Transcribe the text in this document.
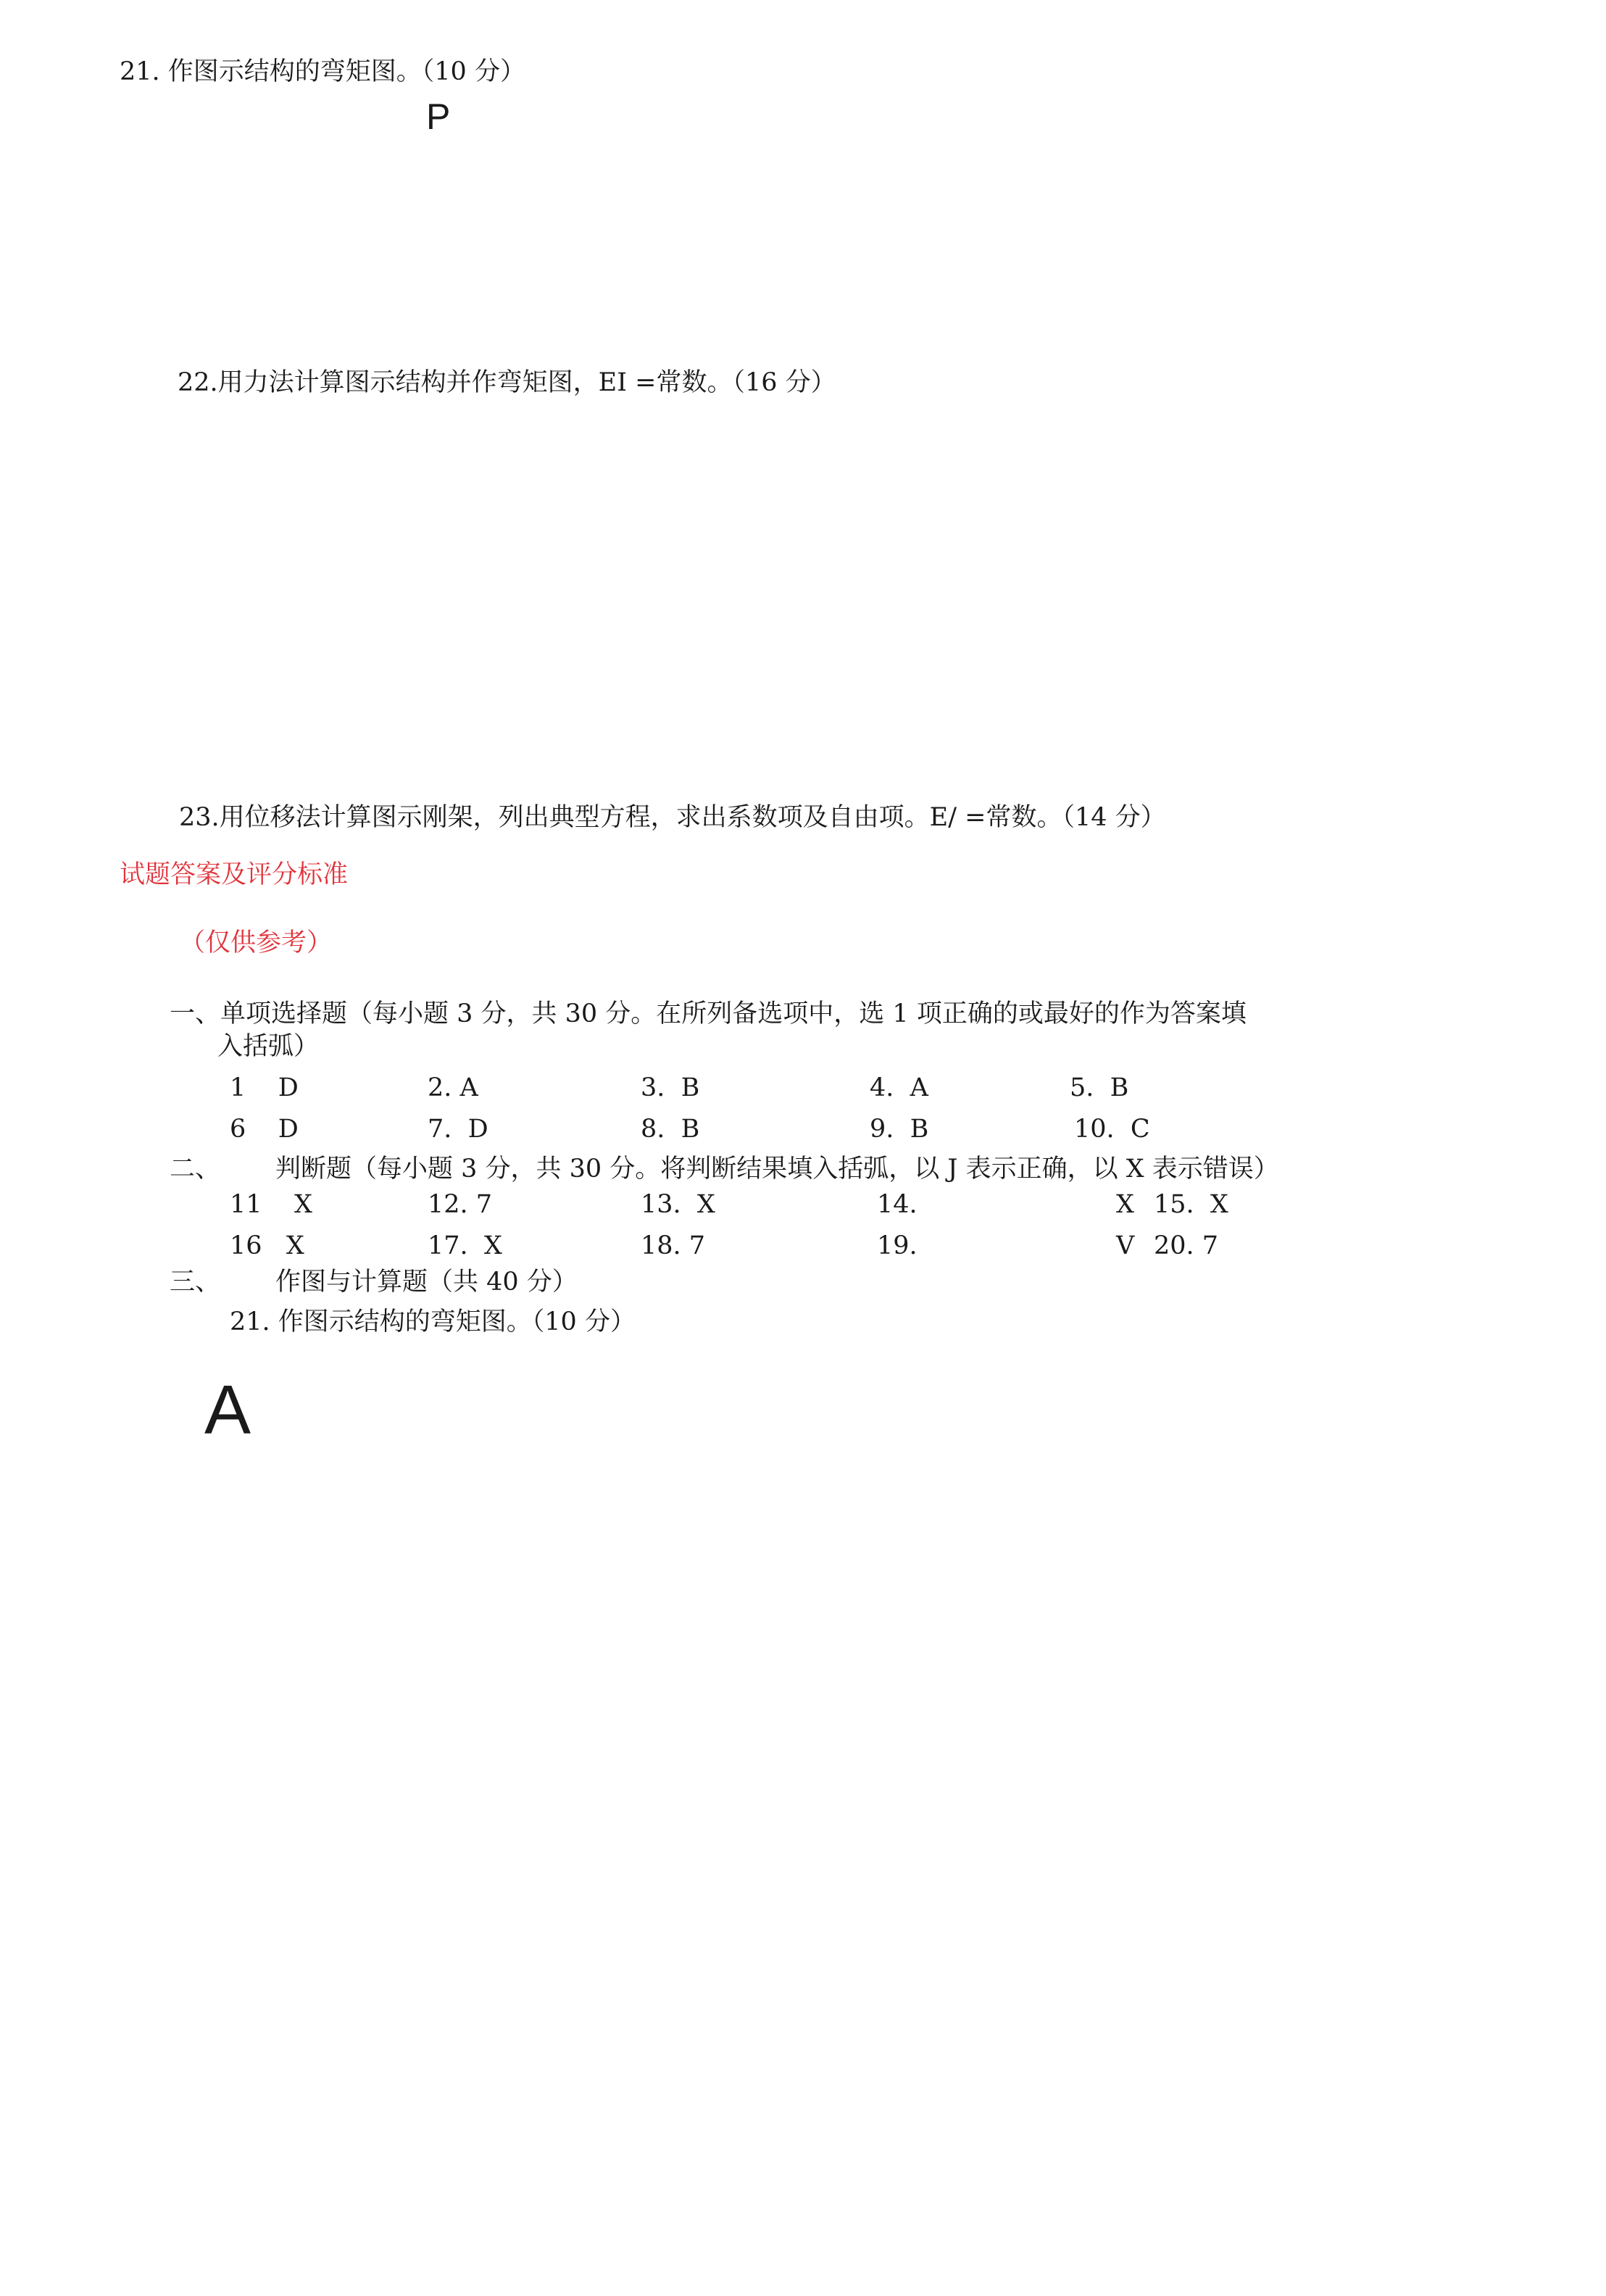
21. 作图示结构的弯矩图。（10 分）
P
22.用力法计算图示结构并作弯矩图，EI =常数。（16 分）
23.用位移法计算图示刚架，列出典型方程，求出系数项及自由项。E/ =常数。（14 分）
试题答案及评分标准
（仅供参考）
一、单项选择题（每小题 3 分，共 30 分。在所列备选项中，选 1 项正确的或最好的作为答案填
入括弧）
1    D	2. A	3.  B	4.  A	5.  B
6    D	7.  D	8.  B	9.  B	10.  C
二、 判断题（每小题 3 分，共 30 分。将判断结果填入括弧，以 J 表示正确，以 X 表示错误）
11    X	12. 7	13.  X	14.	X 15.  X
16   X	17.  X	18. 7	19.	V 20. 7
三、 作图与计算题（共 40 分）
21. 作图示结构的弯矩图。（10 分）
A
